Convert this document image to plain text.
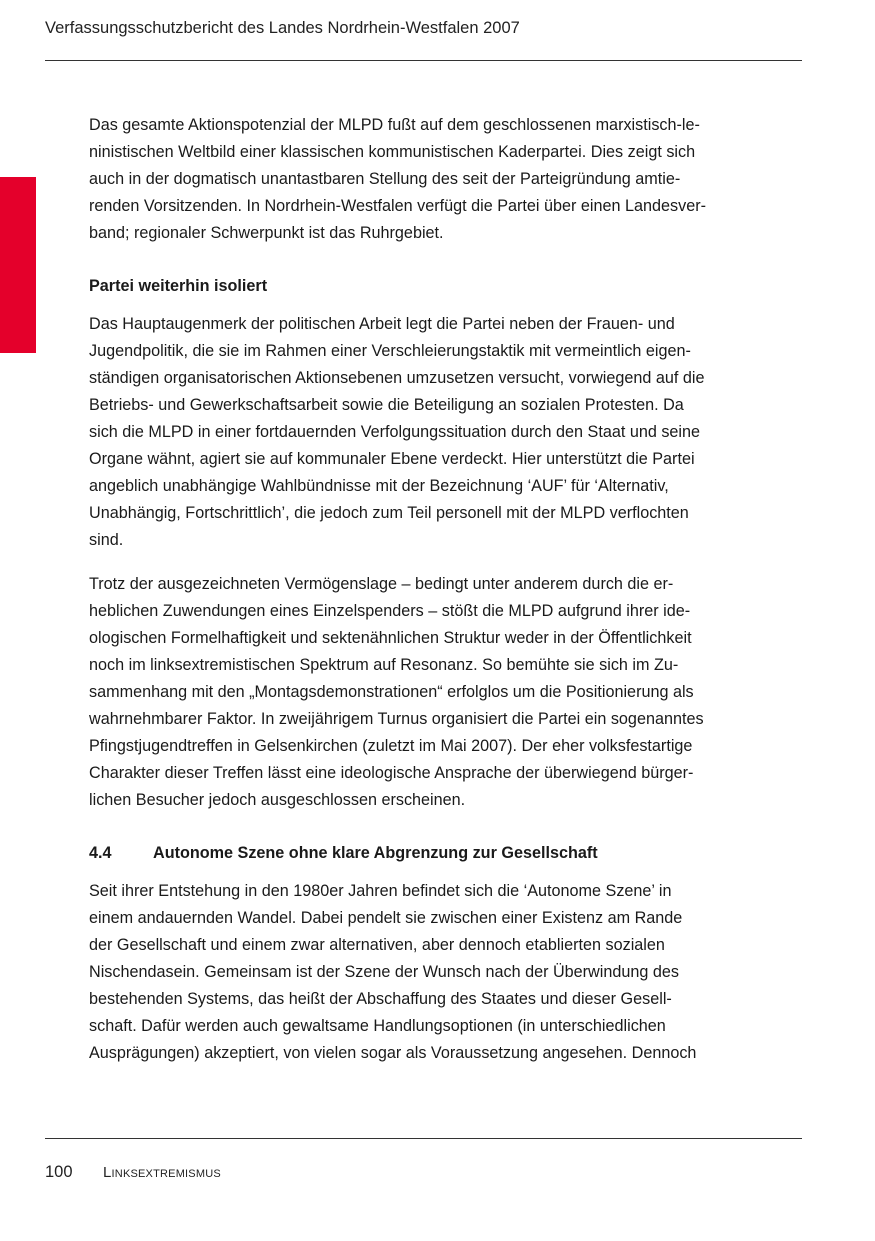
Verfassungsschutzbericht des Landes Nordrhein-Westfalen 2007

Das gesamte Aktionspotenzial der MLPD fußt auf dem geschlossenen marxistisch-le-
ninistischen Weltbild einer klassischen kommunistischen Kaderpartei. Dies zeigt sich
auch in der dogmatisch unantastbaren Stellung des seit der Parteigründung amtie-
renden Vorsitzenden. In Nordrhein-Westfalen verfügt die Partei über einen Landesver-
band; regionaler Schwerpunkt ist das Ruhrgebiet.

Partei weiterhin isoliert

Das Hauptaugenmerk der politischen Arbeit legt die Partei neben der Frauen- und
Jugendpolitik, die sie im Rahmen einer Verschleierungstaktik mit vermeintlich eigen-
ständigen organisatorischen Aktionsebenen umzusetzen versucht, vorwiegend auf die
Betriebs- und Gewerkschaftsarbeit sowie die Beteiligung an sozialen Protesten. Da
sich die MLPD in einer fortdauernden Verfolgungssituation durch den Staat und seine
Organe wähnt, agiert sie auf kommunaler Ebene verdeckt. Hier unterstützt die Partei
angeblich unabhängige Wahlbündnisse mit der Bezeichnung ‘AUF’ für ‘Alternativ,
Unabhängig, Fortschrittlich’, die jedoch zum Teil personell mit der MLPD verflochten
sind.

Trotz der ausgezeichneten Vermögenslage – bedingt unter anderem durch die er-
heblichen Zuwendungen eines Einzelspenders – stößt die MLPD aufgrund ihrer ide-
ologischen Formelhaftigkeit und sektenähnlichen Struktur weder in der Öffentlichkeit
noch im linksextremistischen Spektrum auf Resonanz. So bemühte sie sich im Zu-
sammenhang mit den „Montagsdemonstrationen“ erfolglos um die Positionierung als
wahrnehmbarer Faktor. In zweijährigem Turnus organisiert die Partei ein sogenanntes
Pfingstjugendtreffen in Gelsenkirchen (zuletzt im Mai 2007). Der eher volksfestartige
Charakter dieser Treffen lässt eine ideologische Ansprache der überwiegend bürger-
lichen Besucher jedoch ausgeschlossen erscheinen.

4.4	Autonome Szene ohne klare Abgrenzung zur Gesellschaft

Seit ihrer Entstehung in den 1980er Jahren befindet sich die ‘Autonome Szene’ in
einem andauernden Wandel. Dabei pendelt sie zwischen einer Existenz am Rande
der Gesellschaft und einem zwar alternativen, aber dennoch etablierten sozialen
Nischendasein. Gemeinsam ist der Szene der Wunsch nach der Überwindung des
bestehenden Systems, das heißt der Abschaffung des Staates und dieser Gesell-
schaft. Dafür werden auch gewaltsame Handlungsoptionen (in unterschiedlichen
Ausprägungen) akzeptiert, von vielen sogar als Voraussetzung angesehen. Dennoch

100	Linksextremismus
